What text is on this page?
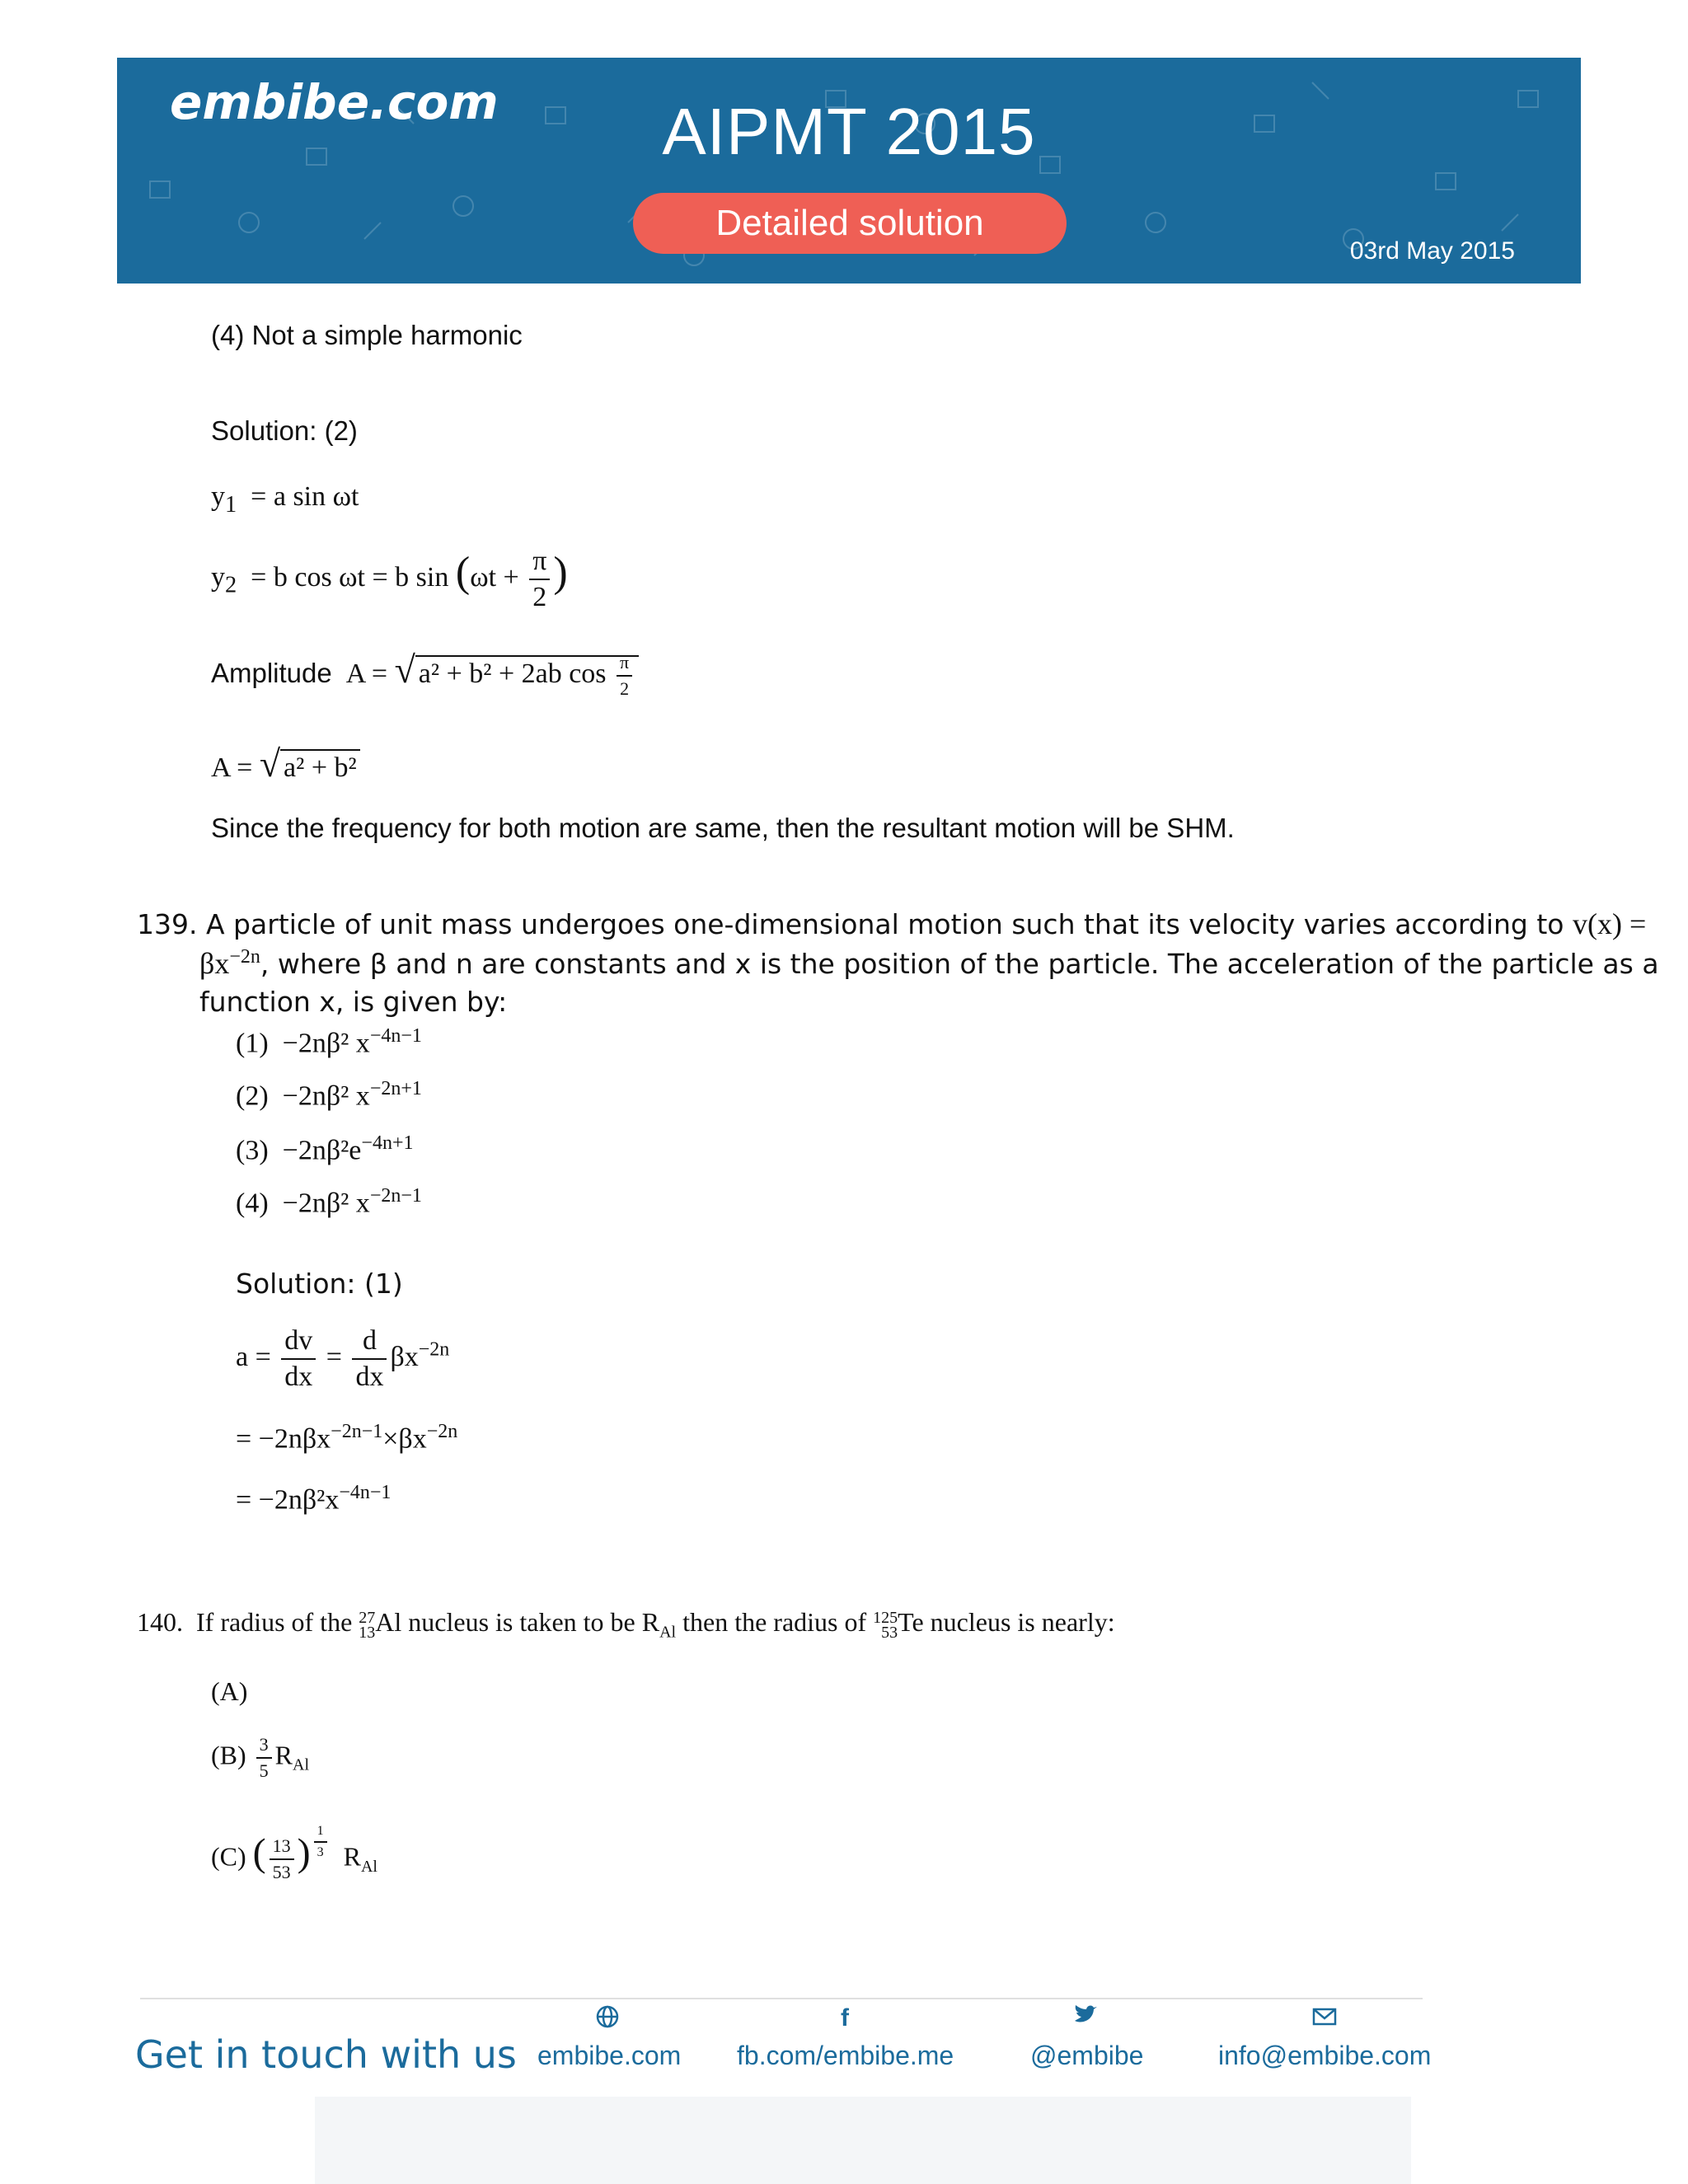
embibe.com	AIPMT 2015
Detailed solution
03rd May 2015
(4) Not a simple harmonic
Solution: (2)
$y_1 = a$ sin ωt
$y_2 = b$ cos ωt = b $\sin (\omega t + \frac{\pi}{2}$ )
Amplitude  A = √ a² + b² + 2ab $\cos \frac{\pi}{2}$
A = √ a² + b²
Since the frequency for both motion are same, then the resultant motion will be SHM.
139. A particle of unit mass undergoes one-dimensional motion such that its velocity varies according to v(x) =
$\beta x^{-2n}$, where β and n are constants and x is the position of the particle. The acceleration of the particle as a
function x, is given by:
(1)  −2nβ² $x^{-4n-1}$
(2)  −2nβ² $x^{-2n+1}$
$(3) -2n\beta^2e^{-4n+1}$
(4)  −2nβ² $x^{-2n-1}$
Solution: (1)
$a = \frac{dv}{dx} = \frac{d}{dx} \beta x^{-2n}$
= $-2n\beta x^{-2n-1}\times\beta x^{-2n}$
= $-2n\beta^2x^{-4n-1}$
140. If radius of the 27
13Al nucleus is taken to be $R_{Al}$ then the radius of 125
53Te nucleus is nearly:
(A)
$(B) \frac{3}{5} R_{Al}$
(C) ( $\frac{13}{53}$ ) $^{\frac{1}{3}}$ $R_{Al}$
Get in touch with us embibe.com
f
fb.com/embibe.me	@embibe	info@embibe.com
